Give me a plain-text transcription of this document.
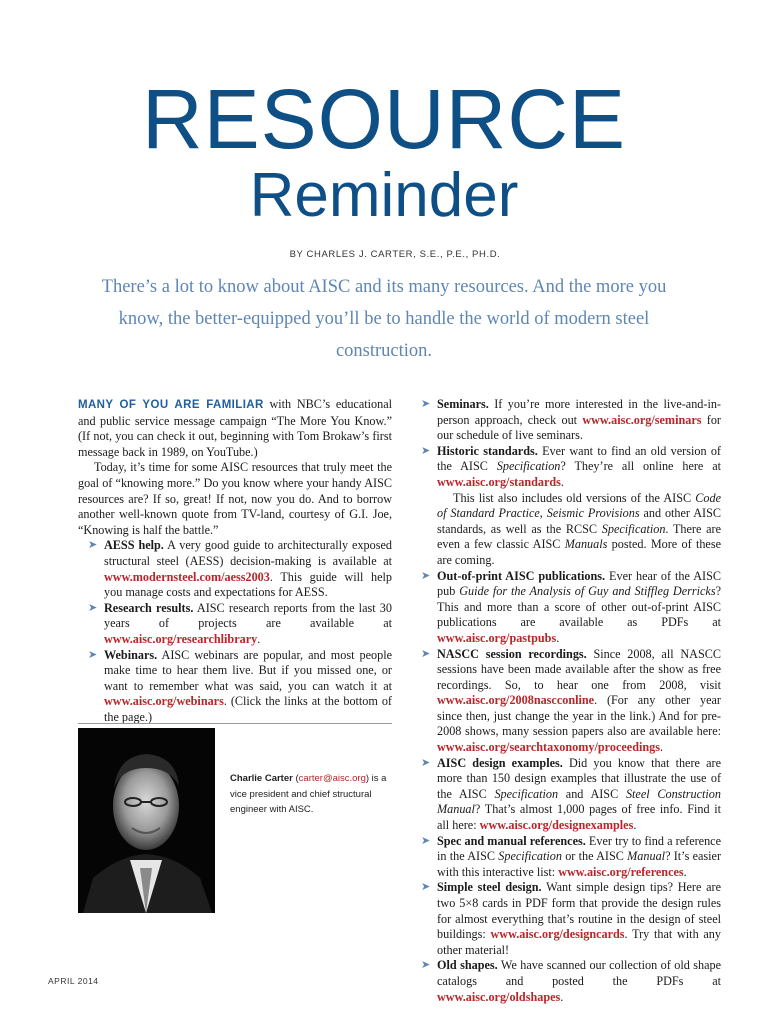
RESOURCE
Reminder
BY CHARLES J. CARTER, S.E., P.E., PH.D.
There’s a lot to know about AISC and its many resources. And the more you know, the better-equipped you’ll be to handle the world of modern steel construction.

MANY OF YOU ARE FAMILIAR with NBC’s educational and public service message campaign “The More You Know.” (If not, you can check it out, beginning with Tom Brokaw’s first message back in 1989, on YouTube.)

Today, it’s time for some AISC resources that truly meet the goal of “knowing more.” Do you know where your handy AISC resources are? If so, great! If not, now you do. And to borrow another well-known quote from TV-land, courtesy of G.I. Joe, “Knowing is half the battle.”

➤ AESS help. A very good guide to architecturally exposed structural steel (AESS) decision-making is available at www.modernsteel.com/aess2003. This guide will help you manage costs and expectations for AESS.

➤ Research results. AISC research reports from the last 30 years of projects are available at www.aisc.org/researchlibrary.

➤ Webinars. AISC webinars are popular, and most people make time to hear them live. But if you missed one, or want to remember what was said, you can watch it at www.aisc.org/webinars. (Click the links at the bottom of the page.)

Charlie Carter (carter@aisc.org) is a vice president and chief structural engineer with AISC.

➤ Seminars. If you’re more interested in the live-and-in-person approach, check out www.aisc.org/seminars for our schedule of live seminars.

➤ Historic standards. Ever want to find an old version of the AISC Specification? They’re all online here at www.aisc.org/standards.

This list also includes old versions of the AISC Code of Standard Practice, Seismic Provisions and other AISC standards, as well as the RCSC Specification. There are even a few classic AISC Manuals posted. More of these are coming.

➤ Out-of-print AISC publications. Ever hear of the AISC pub Guide for the Analysis of Guy and Stiffleg Derricks? This and more than a score of other out-of-print AISC publications are available as PDFs at www.aisc.org/pastpubs.

➤ NASCC session recordings. Since 2008, all NASCC sessions have been made available after the show as free recordings. So, to hear one from 2008, visit www.aisc.org/2008nascconline. (For any other year since then, just change the year in the link.) And for pre-2008 shows, many session papers also are available here: www.aisc.org/searchtaxonomy/proceedings.

➤ AISC design examples. Did you know that there are more than 150 design examples that illustrate the use of the AISC Specification and AISC Steel Construction Manual? That’s almost 1,000 pages of free info. Find it all here: www.aisc.org/designexamples.

➤ Spec and manual references. Ever try to find a reference in the AISC Specification or the AISC Manual? It’s easier with this interactive list: www.aisc.org/references.

➤ Simple steel design. Want simple design tips? Here are two 5×8 cards in PDF form that provide the design rules for almost everything that’s routine in the design of steel buildings: www.aisc.org/designcards. Try that with any other material!

➤ Old shapes. We have scanned our collection of old shape catalogs and posted the PDFs at www.aisc.org/oldshapes.

APRIL 2014
